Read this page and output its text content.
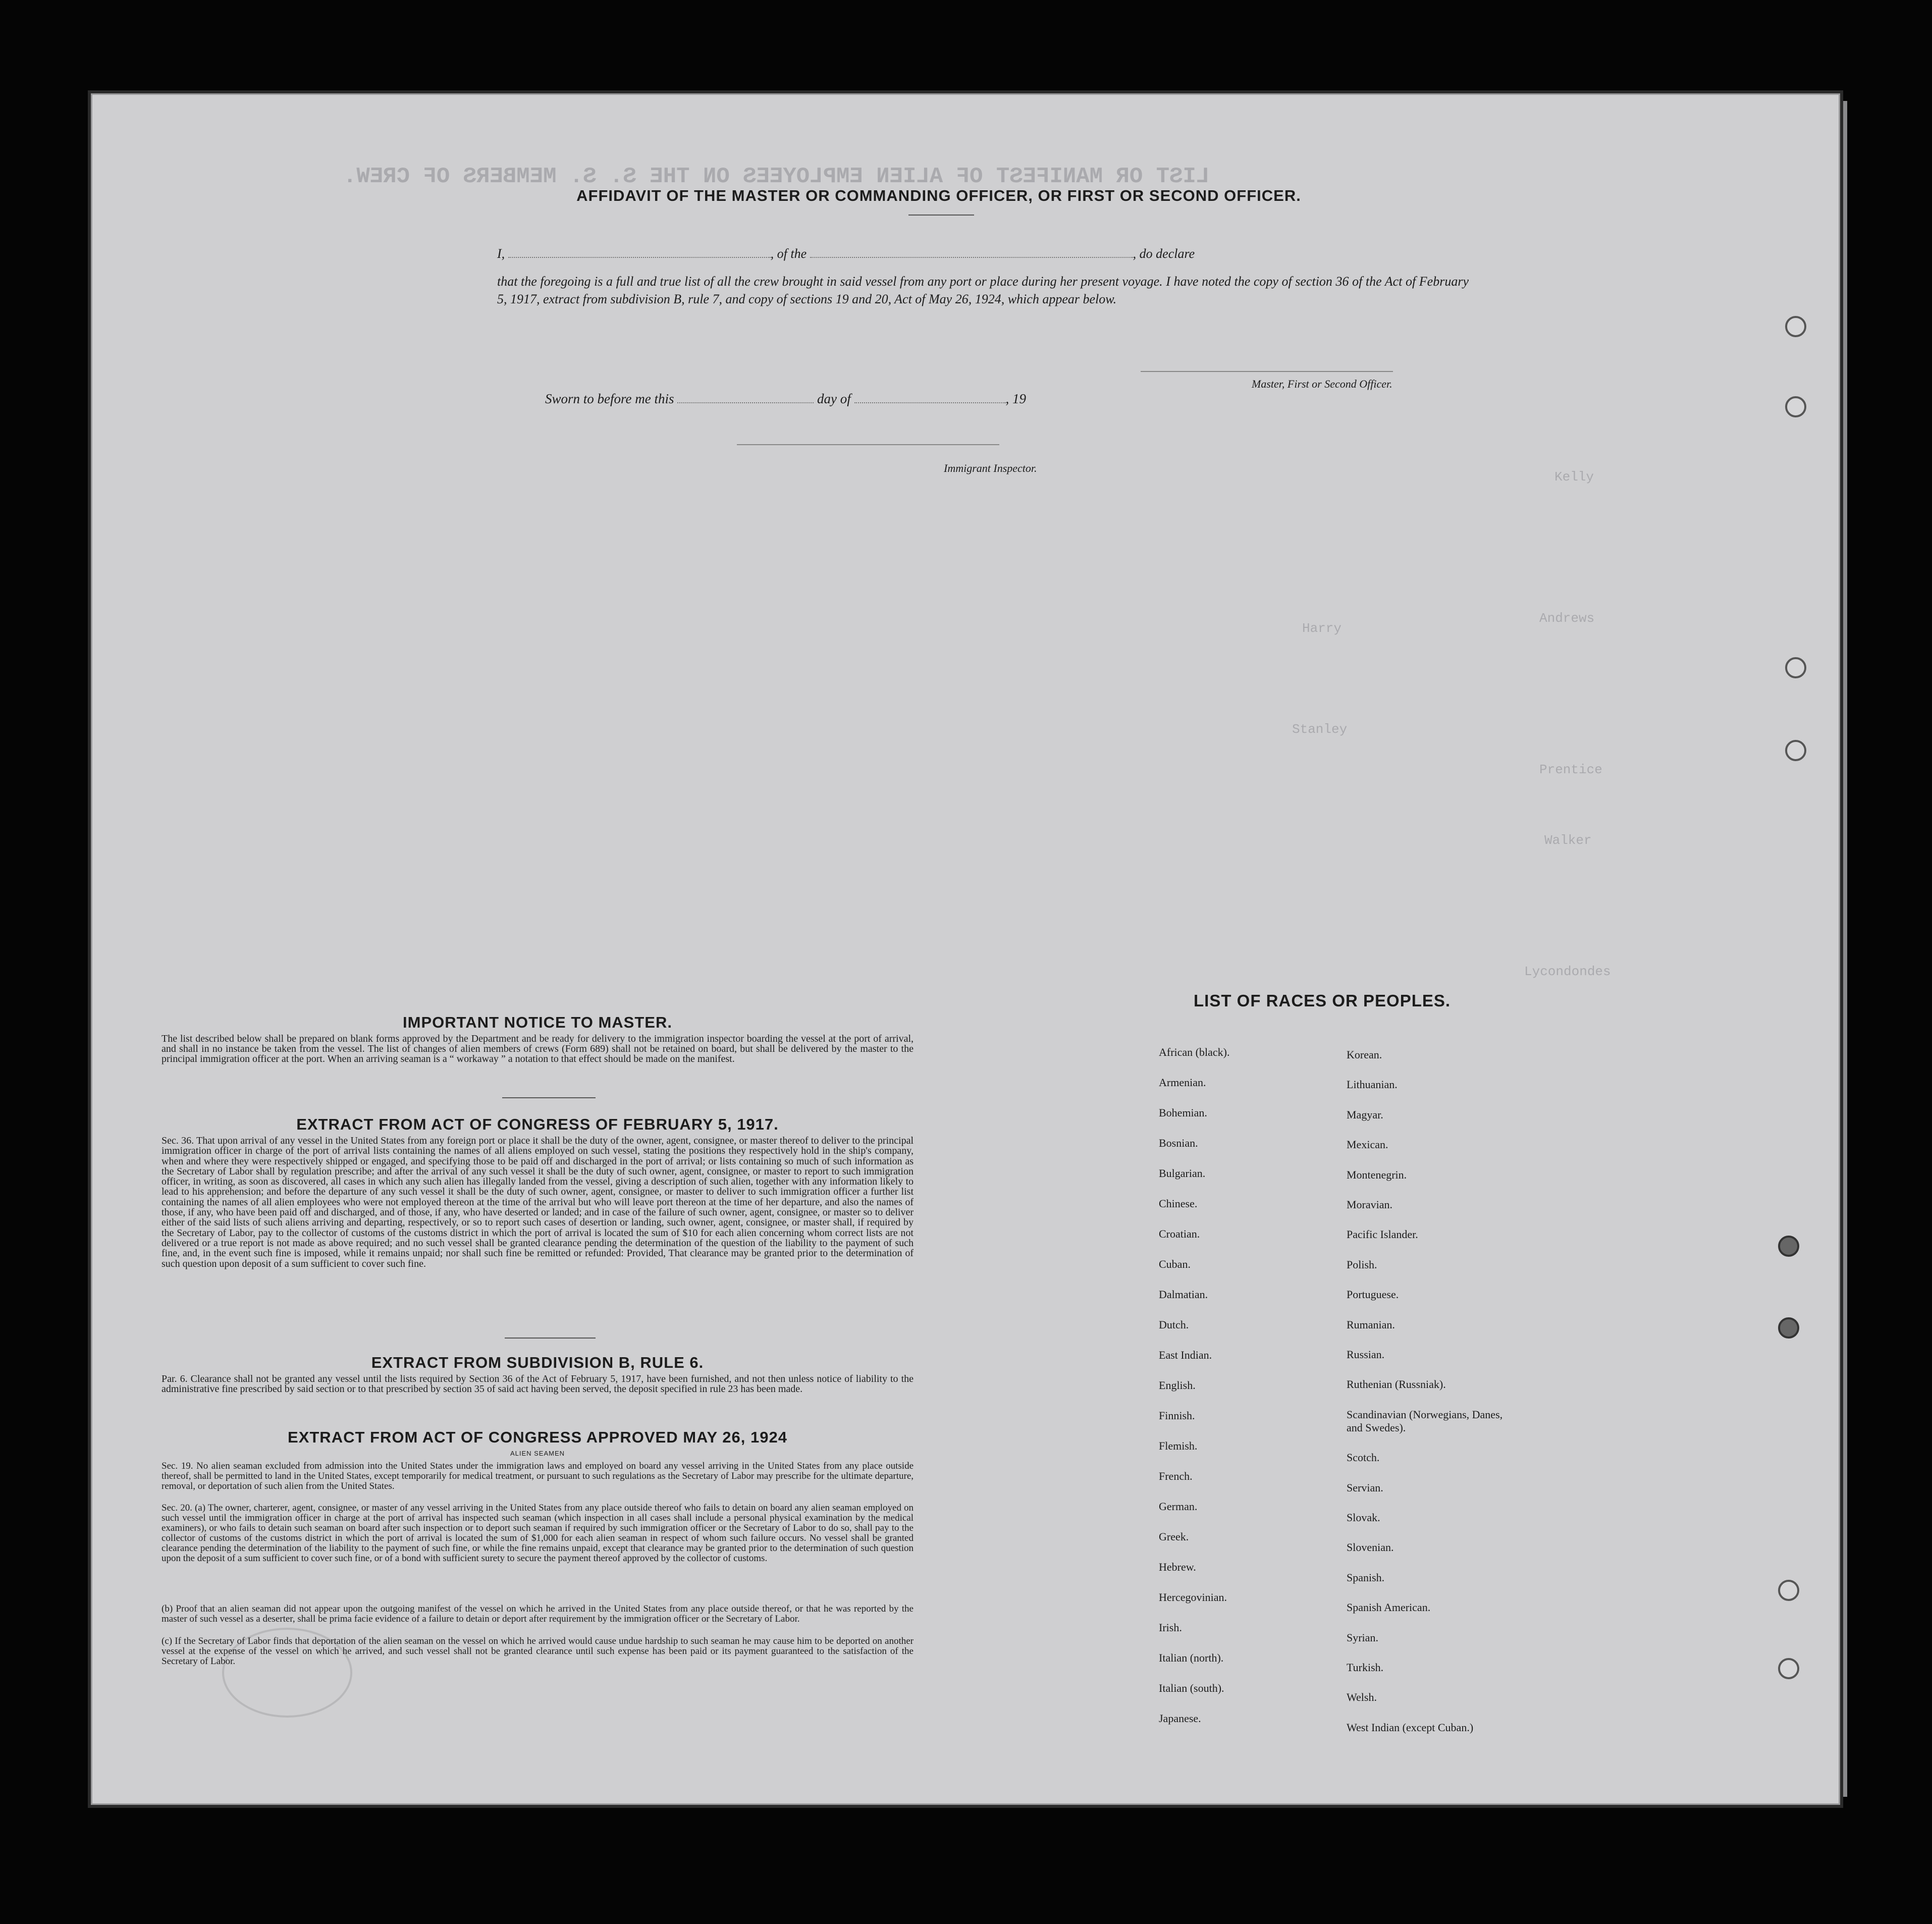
LIST OR MANIFEST OF ALIEN EMPLOYEES ON THE S. S. MEMBERS OF CREW.
Kelly
Andrews
Prentice
Walker
Lycondondes
Harry
Stanley
AFFIDAVIT OF THE MASTER OR COMMANDING OFFICER, OR FIRST OR SECOND OFFICER.
I,	, of the	, do declare
that the foregoing is a full and true list of all the crew brought in said vessel from any port or place during her present voyage. I have noted the copy of section 36 of the Act of February 5, 1917, extract from subdivision B, rule 7, and copy of sections 19 and 20, Act of May 26, 1924, which appear below.
Master, First or Second Officer.
Sworn to before me this	day of	, 19
Immigrant Inspector.
IMPORTANT NOTICE TO MASTER.
The list described below shall be prepared on blank forms approved by the Department and be ready for delivery to the immigration inspector boarding the vessel at the port of arrival, and shall in no instance be taken from the vessel. The list of changes of alien members of crews (Form 689) shall not be retained on board, but shall be delivered by the master to the principal immigration officer at the port. When an arriving seaman is a “ workaway ” a notation to that effect should be made on the manifest.
EXTRACT FROM ACT OF CONGRESS OF FEBRUARY 5, 1917.
Sec. 36. That upon arrival of any vessel in the United States from any foreign port or place it shall be the duty of the owner, agent, consignee, or master thereof to deliver to the principal immigration officer in charge of the port of arrival lists containing the names of all aliens employed on such vessel, stating the positions they respectively hold in the ship's company, when and where they were respectively shipped or engaged, and specifying those to be paid off and discharged in the port of arrival; or lists containing so much of such information as the Secretary of Labor shall by regulation prescribe; and after the arrival of any such vessel it shall be the duty of such owner, agent, consignee, or master to report to such immigration officer, in writing, as soon as discovered, all cases in which any such alien has illegally landed from the vessel, giving a description of such alien, together with any information likely to lead to his apprehension; and before the departure of any such vessel it shall be the duty of such owner, agent, consignee, or master to deliver to such immigration officer a further list containing the names of all alien employees who were not employed thereon at the time of the arrival but who will leave port thereon at the time of her departure, and also the names of those, if any, who have been paid off and discharged, and of those, if any, who have deserted or landed; and in case of the failure of such owner, agent, consignee, or master so to deliver either of the said lists of such aliens arriving and departing, respectively, or so to report such cases of desertion or landing, such owner, agent, consignee, or master shall, if required by the Secretary of Labor, pay to the collector of customs of the customs district in which the port of arrival is located the sum of $10 for each alien concerning whom correct lists are not delivered or a true report is not made as above required; and no such vessel shall be granted clearance pending the determination of the question of the liability to the payment of such fine, and, in the event such fine is imposed, while it remains unpaid; nor shall such fine be remitted or refunded: Provided, That clearance may be granted prior to the determination of such question upon deposit of a sum sufficient to cover such fine.
EXTRACT FROM SUBDIVISION B, RULE 6.
Par. 6. Clearance shall not be granted any vessel until the lists required by Section 36 of the Act of February 5, 1917, have been furnished, and not then unless notice of liability to the administrative fine prescribed by said section or to that prescribed by section 35 of said act having been served, the deposit specified in rule 23 has been made.
EXTRACT FROM ACT OF CONGRESS APPROVED MAY 26, 1924
ALIEN SEAMEN
Sec. 19. No alien seaman excluded from admission into the United States under the immigration laws and employed on board any vessel arriving in the United States from any place outside thereof, shall be permitted to land in the United States, except temporarily for medical treatment, or pursuant to such regulations as the Secretary of Labor may prescribe for the ultimate departure, removal, or deportation of such alien from the United States.
Sec. 20. (a) The owner, charterer, agent, consignee, or master of any vessel arriving in the United States from any place outside thereof who fails to detain on board any alien seaman employed on such vessel until the immigration officer in charge at the port of arrival has inspected such seaman (which inspection in all cases shall include a personal physical examination by the medical examiners), or who fails to detain such seaman on board after such inspection or to deport such seaman if required by such immigration officer or the Secretary of Labor to do so, shall pay to the collector of customs of the customs district in which the port of arrival is located the sum of $1,000 for each alien seaman in respect of whom such failure occurs. No vessel shall be granted clearance pending the determination of the liability to the payment of such fine, or while the fine remains unpaid, except that clearance may be granted prior to the determination of such question upon the deposit of a sum sufficient to cover such fine, or of a bond with sufficient surety to secure the payment thereof approved by the collector of customs.
(b) Proof that an alien seaman did not appear upon the outgoing manifest of the vessel on which he arrived in the United States from any place outside thereof, or that he was reported by the master of such vessel as a deserter, shall be prima facie evidence of a failure to detain or deport after requirement by the immigration officer or the Secretary of Labor.
(c) If the Secretary of Labor finds that deportation of the alien seaman on the vessel on which he arrived would cause undue hardship to such seaman he may cause him to be deported on another vessel at the expense of the vessel on which he arrived, and such vessel shall not be granted clearance until such expense has been paid or its payment guaranteed to the satisfaction of the Secretary of Labor.
LIST OF RACES OR PEOPLES.
African (black).
Armenian.
Bohemian.
Bosnian.
Bulgarian.
Chinese.
Croatian.
Cuban.
Dalmatian.
Dutch.
East Indian.
English.
Finnish.
Flemish.
French.
German.
Greek.
Hebrew.
Hercegovinian.
Irish.
Italian (north).
Italian (south).
Japanese.
Korean.
Lithuanian.
Magyar.
Mexican.
Montenegrin.
Moravian.
Pacific Islander.
Polish.
Portuguese.
Rumanian.
Russian.
Ruthenian (Russniak).
Scandinavian (Norwegians, Danes, and Swedes).
Scotch.
Servian.
Slovak.
Slovenian.
Spanish.
Spanish American.
Syrian.
Turkish.
Welsh.
West Indian (except Cuban.)
